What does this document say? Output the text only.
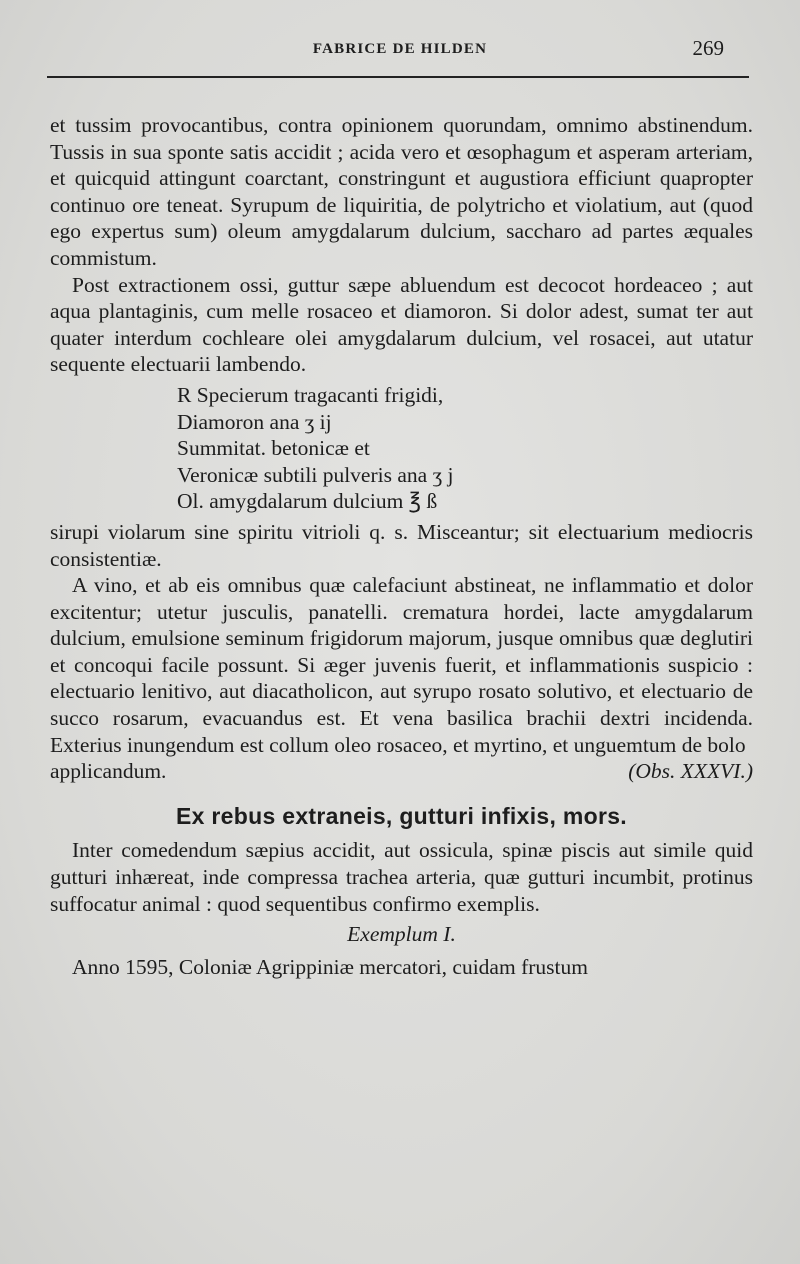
FABRICE DE HILDEN	269

et tussim provocantibus, contra opinionem quorundam, omnimo abstinendum. Tussis in sua sponte satis accidit ; acida vero et œsophagum et asperam arteriam, et quicquid attingunt coarctant, constringunt et augustiora efficiunt quapropter continuo ore teneat. Syrupum de liquiritia, de polytricho et violatium, aut (quod ego expertus sum) oleum amygdalarum dulcium, saccharo ad partes æquales commistum.

Post extractionem ossi, guttur sæpe abluendum est decocot hordeaceo ; aut aqua plantaginis, cum melle rosaceo et diamoron. Si dolor adest, sumat ter aut quater interdum cochleare olei amygdalarum dulcium, vel rosacei, aut utatur sequente electuarii lambendo.

R Specierum tragacanti frigidi,
Diamoron ana ʒ ij
Summitat. betonicæ et
Veronicæ subtili pulveris ana ʒ j
Ol. amygdalarum dulcium ℥ ß

sirupi violarum sine spiritu vitrioli q. s. Misceantur; sit electuarium mediocris consistentiæ.

A vino, et ab eis omnibus quæ calefaciunt abstineat, ne inflammatio et dolor excitentur; utetur jusculis, panatelli. crematura hordei, lacte amygdalarum dulcium, emulsione seminum frigidorum majorum, jusque omnibus quæ deglutiri et concoqui facile possunt. Si æger juvenis fuerit, et inflammationis suspicio : electuario lenitivo, aut diacatholicon, aut syrupo rosato solutivo, et electuario de succo rosarum, evacuandus est. Et vena basilica brachii dextri incidenda. Exterius inungendum est collum oleo rosaceo, et myrtino, et unguemtum de bolo

applicandum.	(Obs. XXXVI.)
Ex rebus extraneis, gutturi infixis, mors.

Inter comedendum sæpius accidit, aut ossicula, spinæ piscis aut simile quid gutturi inhæreat, inde compressa trachea arteria, quæ gutturi incumbit, protinus suffocatur animal : quod sequentibus confirmo exemplis.

Exemplum I.

Anno 1595, Coloniæ Agrippiniæ mercatori, cuidam frustum
